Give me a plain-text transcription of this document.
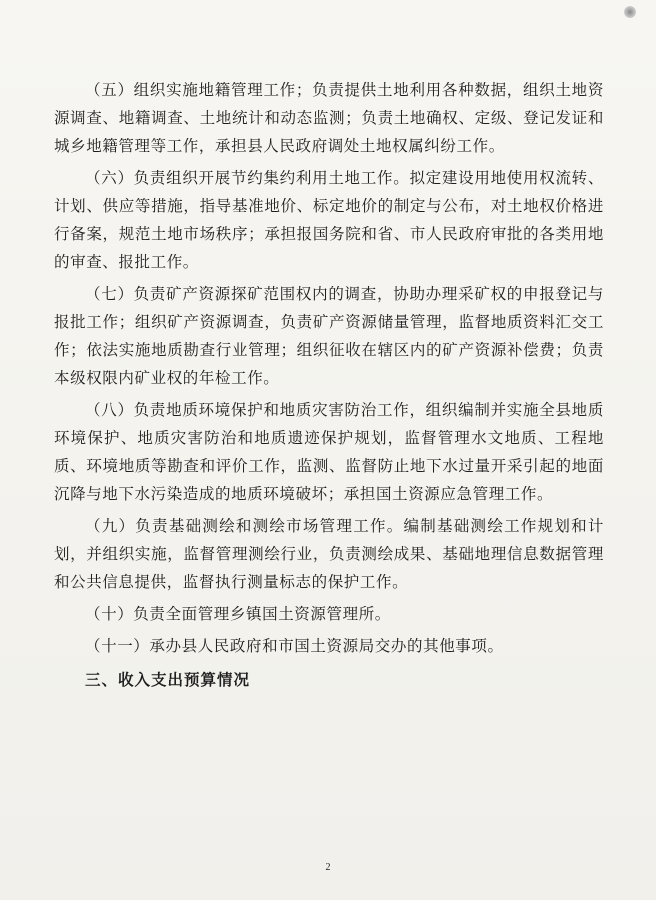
（五）组织实施地籍管理工作；负责提供土地利用各种数据，组织土地资源调查、地籍调查、土地统计和动态监测；负责土地确权、定级、登记发证和城乡地籍管理等工作，承担县人民政府调处土地权属纠纷工作。

（六）负责组织开展节约集约利用土地工作。拟定建设用地使用权流转、计划、供应等措施，指导基准地价、标定地价的制定与公布，对土地权价格进行备案，规范土地市场秩序；承担报国务院和省、市人民政府审批的各类用地的审查、报批工作。

（七）负责矿产资源探矿范围权内的调查，协助办理采矿权的申报登记与报批工作；组织矿产资源调查，负责矿产资源储量管理，监督地质资料汇交工作；依法实施地质勘查行业管理；组织征收在辖区内的矿产资源补偿费；负责本级权限内矿业权的年检工作。

（八）负责地质环境保护和地质灾害防治工作，组织编制并实施全县地质环境保护、地质灾害防治和地质遗迹保护规划，监督管理水文地质、工程地质、环境地质等勘查和评价工作，监测、监督防止地下水过量开采引起的地面沉降与地下水污染造成的地质环境破坏；承担国土资源应急管理工作。

（九）负责基础测绘和测绘市场管理工作。编制基础测绘工作规划和计划，并组织实施，监督管理测绘行业，负责测绘成果、基础地理信息数据管理和公共信息提供，监督执行测量标志的保护工作。

（十）负责全面管理乡镇国土资源管理所。

（十一）承办县人民政府和市国土资源局交办的其他事项。

三、收入支出预算情况

2
